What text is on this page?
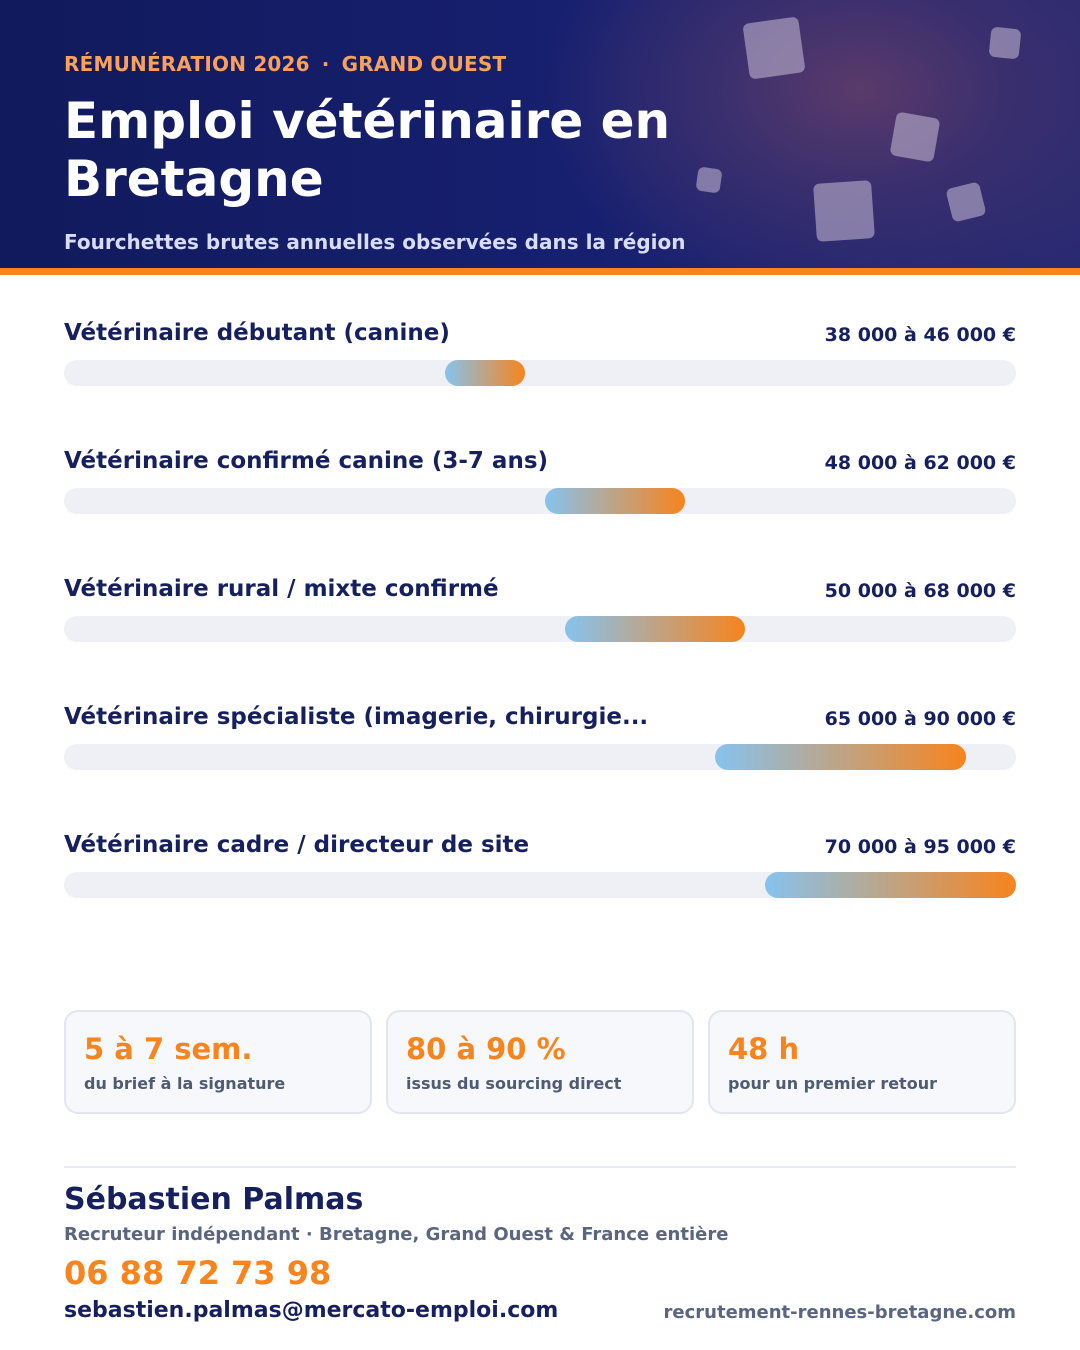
RÉMUNÉRATION 2026 · GRAND OUEST
Emploi vétérinaire en Bretagne
Fourchettes brutes annuelles observées dans la région
Vétérinaire débutant (canine)	38 000 à 46 000 €
Vétérinaire confirmé canine (3-7 ans)	48 000 à 62 000 €
Vétérinaire rural / mixte confirmé	50 000 à 68 000 €
Vétérinaire spécialiste (imagerie, chirurgie...	65 000 à 90 000 €
Vétérinaire cadre / directeur de site	70 000 à 95 000 €
5 à 7 sem.
du brief à la signature
80 à 90 %
issus du sourcing direct
48 h
pour un premier retour
Sébastien Palmas
Recruteur indépendant · Bretagne, Grand Ouest & France entière
06 88 72 73 98
sebastien.palmas@mercato-emploi.com	recrutement-rennes-bretagne.com
